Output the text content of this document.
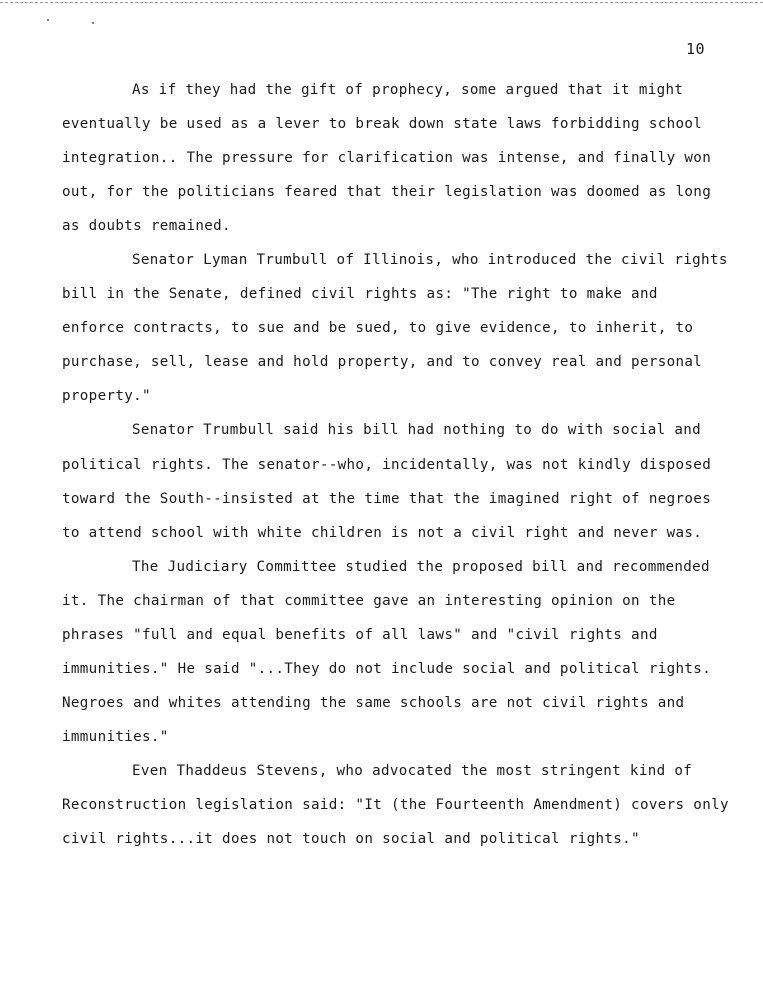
10

As if they had the gift of prophecy, some argued that it might
eventually be used as a lever to break down state laws forbidding school
integration.. The pressure for clarification was intense, and finally won
out, for the politicians feared that their legislation was doomed as long
as doubts remained.

Senator Lyman Trumbull of Illinois, who introduced the civil rights
bill in the Senate, defined civil rights as: "The right to make and
enforce contracts, to sue and be sued, to give evidence, to inherit, to
purchase, sell, lease and hold property, and to convey real and personal
property."

Senator Trumbull said his bill had nothing to do with social and
political rights. The senator--who, incidentally, was not kindly disposed
toward the South--insisted at the time that the imagined right of negroes
to attend school with white children is not a civil right and never was.

The Judiciary Committee studied the proposed bill and recommended
it. The chairman of that committee gave an interesting opinion on the
phrases "full and equal benefits of all laws" and "civil rights and
immunities." He said "...They do not include social and political rights.
Negroes and whites attending the same schools are not civil rights and
immunities."

Even Thaddeus Stevens, who advocated the most stringent kind of
Reconstruction legislation said: "It (the Fourteenth Amendment) covers only
civil rights...it does not touch on social and political rights."
